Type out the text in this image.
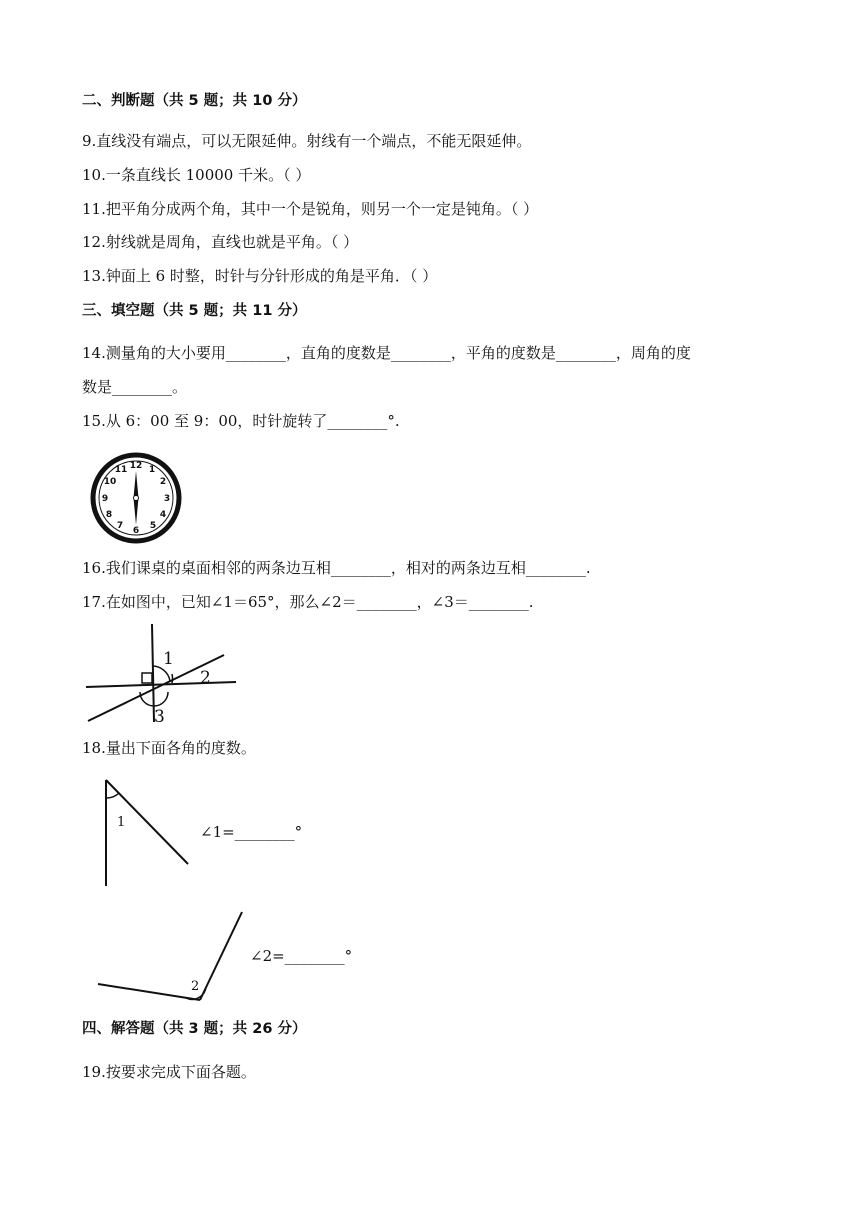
二、判断题（共 5 题；共 10 分）
9.直线没有端点，可以无限延伸。射线有一个端点，不能无限延伸。
10.一条直线长 10000 千米。（ ）
11.把平角分成两个角，其中一个是锐角，则另一个一定是钝角。（ ）
12.射线就是周角，直线也就是平角。（ ）
13.钟面上 6 时整，时针与分针形成的角是平角．（ ）
三、填空题（共 5 题；共 11 分）
14.测量角的大小要用________，直角的度数是________，平角的度数是________，周角的度
数是________。
15.从 6：00 至 9：00，时针旋转了________°.
12 1
2
3
4
5
6
7
8
9
10
11
16.我们课桌的桌面相邻的两条边互相________，相对的两条边互相________.
17.在如图中，已知∠1＝65°，那么∠2＝________，∠3＝________.
1
2
3
18.量出下面各角的度数。
1
∠1=________°
2
∠2=________°
四、解答题（共 3 题；共 26 分）
19.按要求完成下面各题。
